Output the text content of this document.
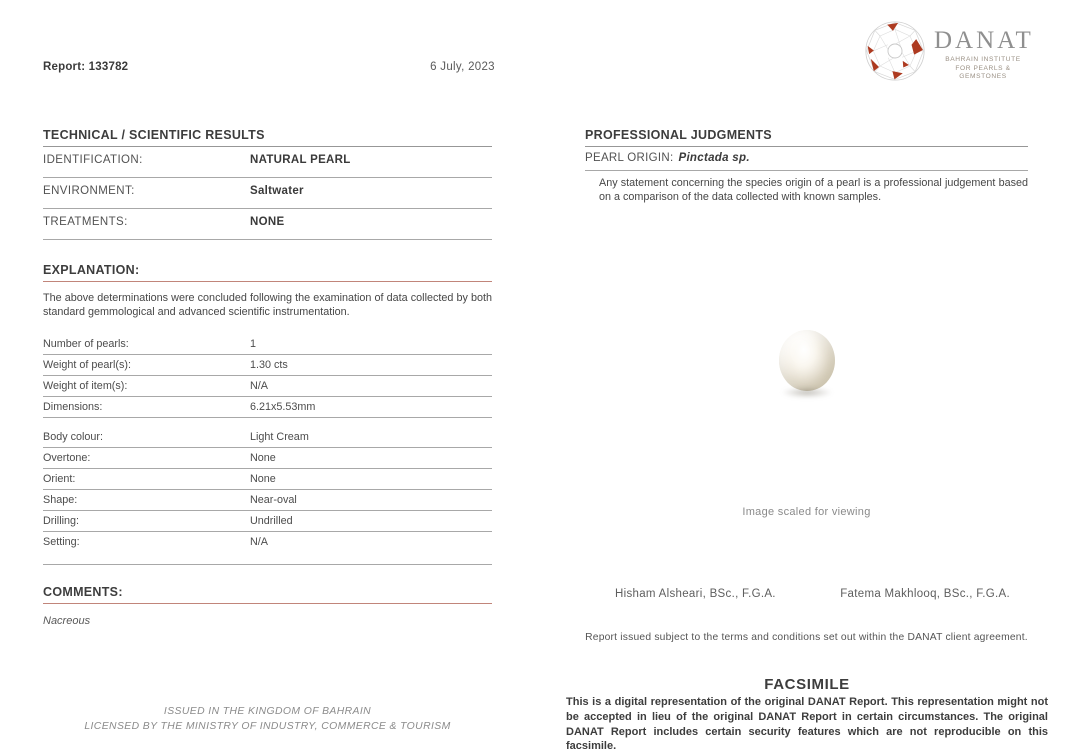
Report: 133782	6 July, 2023
DANAT
BAHRAIN INSTITUTE
FOR PEARLS & GEMSTONES
TECHNICAL / SCIENTIFIC RESULTS
IDENTIFICATION:	NATURAL PEARL
ENVIRONMENT:	Saltwater
TREATMENTS:	NONE
EXPLANATION:
The above determinations were concluded following the examination of data collected by both standard gemmological and advanced scientific instrumentation.
Number of pearls:	1
Weight of pearl(s):	1.30 cts
Weight of item(s):	N/A
Dimensions:	6.21x5.53mm
Body colour:	Light Cream
Overtone:	None
Orient:	None
Shape:	Near-oval
Drilling:	Undrilled
Setting:	N/A
COMMENTS:
Nacreous
PROFESSIONAL JUDGMENTS
PEARL ORIGIN: Pinctada sp.
Any statement concerning the species origin of a pearl is a professional judgement based on a comparison of the data collected with known samples.
Image scaled for viewing
Hisham Alsheari, BSc., F.G.A.	Fatema Makhlooq, BSc., F.G.A.
Report issued subject to the terms and conditions set out within the DANAT client agreement.
FACSIMILE
This is a digital representation of the original DANAT Report. This representation might not be accepted in lieu of the original DANAT Report in certain circumstances. The original DANAT Report includes certain security features which are not reproducible on this facsimile.
ISSUED IN THE KINGDOM OF BAHRAIN
LICENSED BY THE MINISTRY OF INDUSTRY, COMMERCE & TOURISM
